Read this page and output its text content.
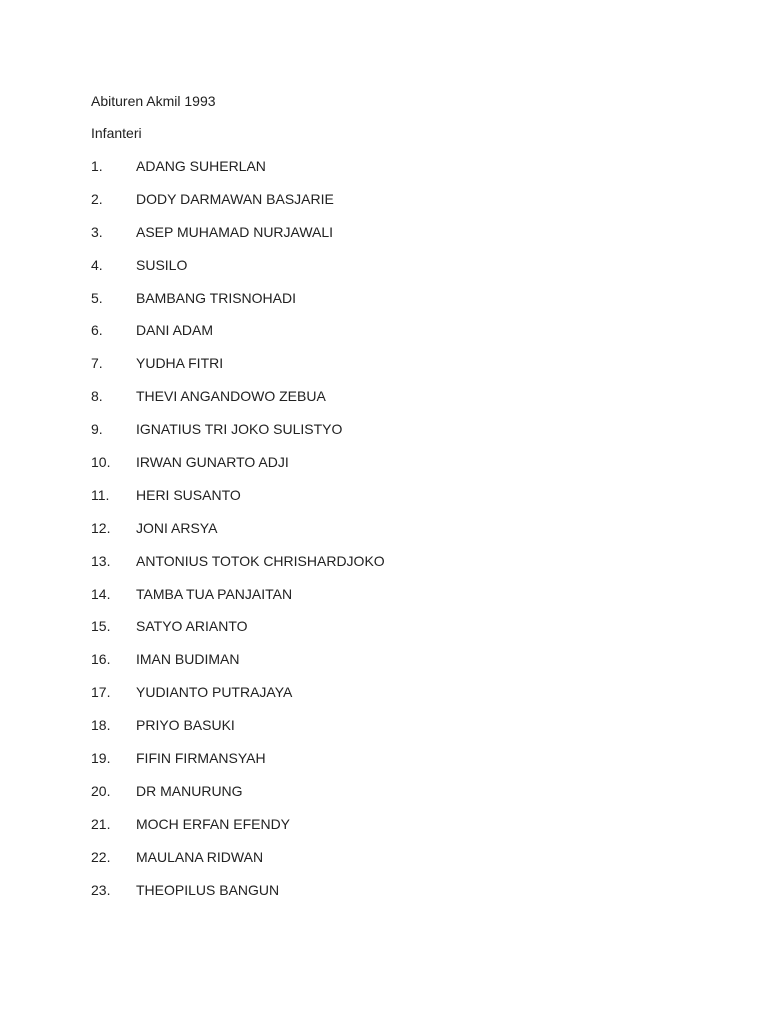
Abituren Akmil 1993

Infanteri

1.	ADANG SUHERLAN
2.	DODY DARMAWAN BASJARIE
3.	ASEP MUHAMAD NURJAWALI
4.	SUSILO
5.	BAMBANG TRISNOHADI
6.	DANI ADAM
7.	YUDHA FITRI
8.	THEVI ANGANDOWO ZEBUA
9.	IGNATIUS TRI JOKO SULISTYO
10.	IRWAN GUNARTO ADJI
11.	HERI SUSANTO
12.	JONI ARSYA
13.	ANTONIUS TOTOK CHRISHARDJOKO
14.	TAMBA TUA PANJAITAN
15.	SATYO ARIANTO
16.	IMAN BUDIMAN
17.	YUDIANTO PUTRAJAYA
18.	PRIYO BASUKI
19.	FIFIN FIRMANSYAH
20.	DR MANURUNG
21.	MOCH ERFAN EFENDY
22.	MAULANA RIDWAN
23.	THEOPILUS BANGUN
